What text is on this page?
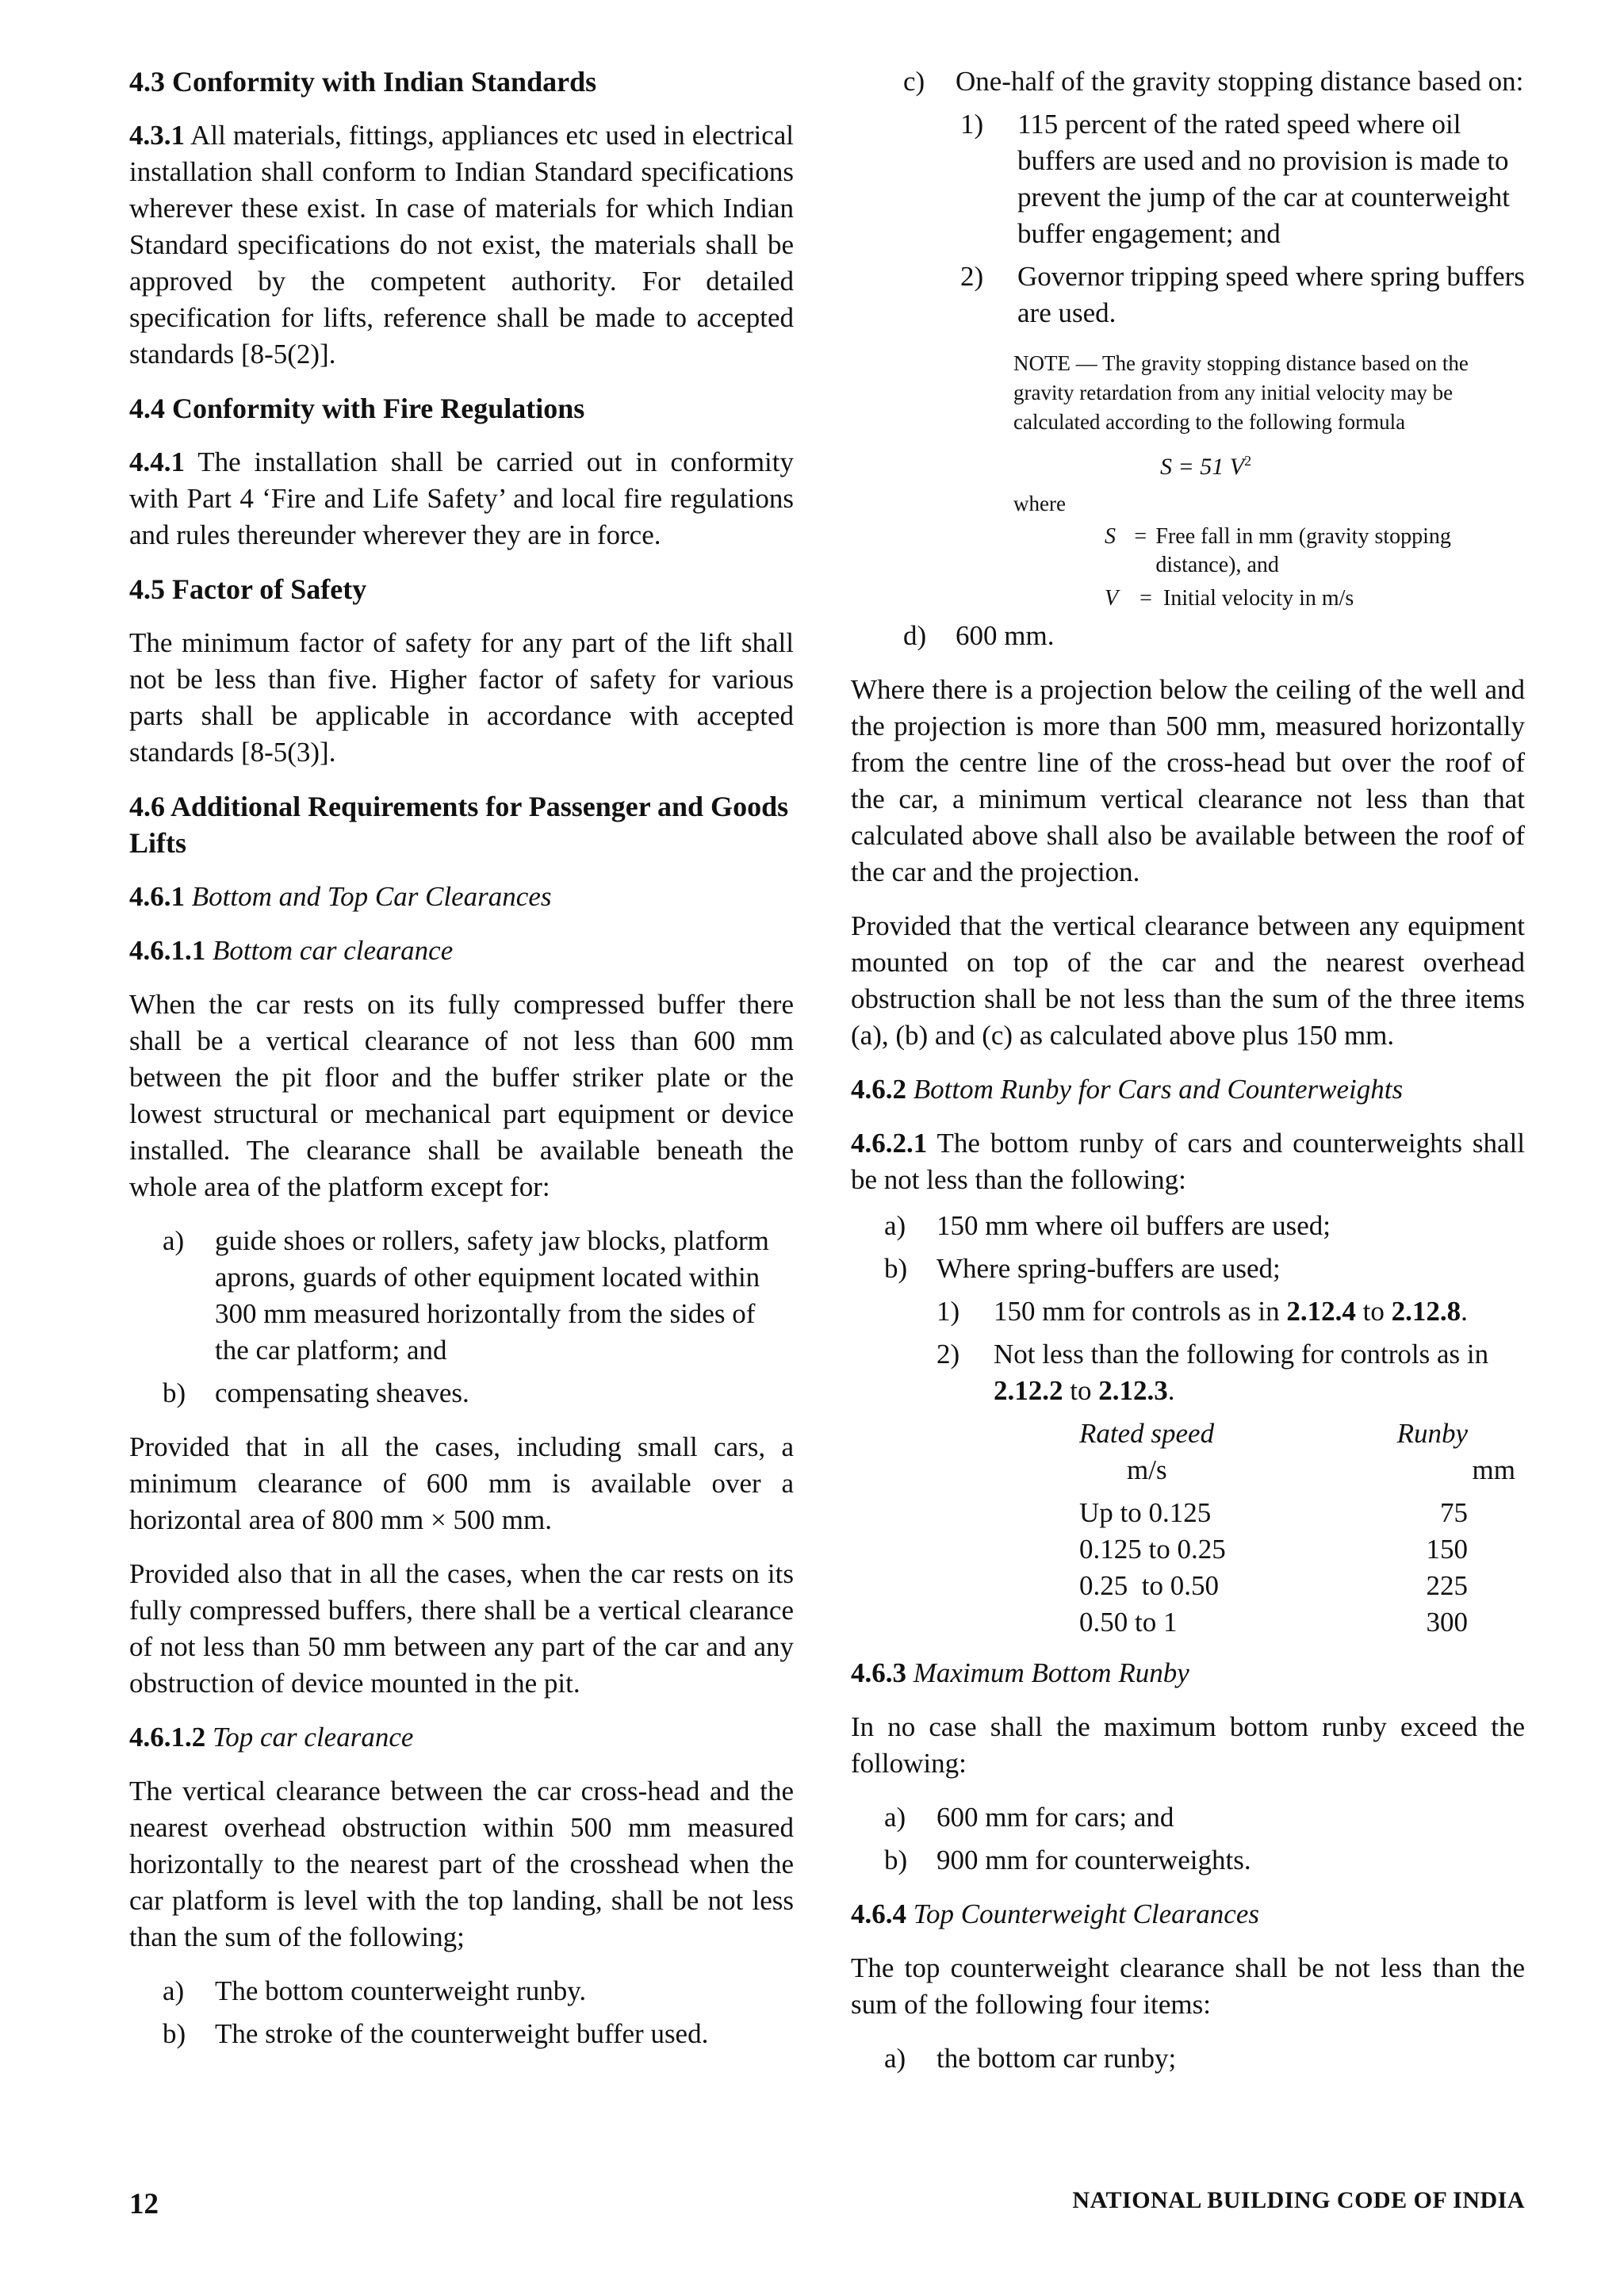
4.3 Conformity with Indian Standards
4.3.1 All materials, fittings, appliances etc used in electrical installation shall conform to Indian Standard specifications wherever these exist. In case of materials for which Indian Standard specifications do not exist, the materials shall be approved by the competent authority. For detailed specification for lifts, reference shall be made to accepted standards [8-5(2)].
4.4 Conformity with Fire Regulations
4.4.1 The installation shall be carried out in conformity with Part 4 ‘Fire and Life Safety’ and local fire regulations and rules thereunder wherever they are in force.
4.5 Factor of Safety
The minimum factor of safety for any part of the lift shall not be less than five. Higher factor of safety for various parts shall be applicable in accordance with accepted standards [8-5(3)].
4.6 Additional Requirements for Passenger and Goods Lifts
4.6.1 Bottom and Top Car Clearances
4.6.1.1 Bottom car clearance
When the car rests on its fully compressed buffer there shall be a vertical clearance of not less than 600 mm between the pit floor and the buffer striker plate or the lowest structural or mechanical part equipment or device installed. The clearance shall be available beneath the whole area of the platform except for:
a)	guide shoes or rollers, safety jaw blocks, platform aprons, guards of other equipment located within 300 mm measured horizontally from the sides of the car platform; and
b)	compensating sheaves.
Provided that in all the cases, including small cars, a minimum clearance of 600 mm is available over a horizontal area of 800 mm × 500 mm.
Provided also that in all the cases, when the car rests on its fully compressed buffers, there shall be a vertical clearance of not less than 50 mm between any part of the car and any obstruction of device mounted in the pit.
4.6.1.2 Top car clearance
The vertical clearance between the car cross-head and the nearest overhead obstruction within 500 mm measured horizontally to the nearest part of the crosshead when the car platform is level with the top landing, shall be not less than the sum of the following;
a)	The bottom counterweight runby.
b)	The stroke of the counterweight buffer used.
c)	One-half of the gravity stopping distance based on:
1)	115 percent of the rated speed where oil buffers are used and no provision is made to prevent the jump of the car at counterweight buffer engagement; and
2)	Governor tripping speed where spring buffers are used.
NOTE — The gravity stopping distance based on the gravity retardation from any initial velocity may be calculated according to the following formula
S = 51 $V^2$
where
S = Free fall in mm (gravity stopping distance), and
V = Initial velocity in m/s
d)	600 mm.
Where there is a projection below the ceiling of the well and the projection is more than 500 mm, measured horizontally from the centre line of the cross-head but over the roof of the car, a minimum vertical clearance not less than that calculated above shall also be available between the roof of the car and the projection.
Provided that the vertical clearance between any equipment mounted on top of the car and the nearest overhead obstruction shall be not less than the sum of the three items (a), (b) and (c) as calculated above plus 150 mm.
4.6.2 Bottom Runby for Cars and Counterweights
4.6.2.1 The bottom runby of cars and counterweights shall be not less than the following:
a)	150 mm where oil buffers are used;
b)	Where spring-buffers are used;
1)	150 mm for controls as in 2.12.4 to 2.12.8.
2)	Not less than the following for controls as in 2.12.2 to 2.12.3.
Rated speed	Runby
m/s	mm
Up to 0.125	75
0.125 to 0.25	150
0.25  to 0.50	225
0.50 to 1	300
4.6.3 Maximum Bottom Runby
In no case shall the maximum bottom runby exceed the following:
a)	600 mm for cars; and
b)	900 mm for counterweights.
4.6.4 Top Counterweight Clearances
The top counterweight clearance shall be not less than the sum of the following four items:
a)	the bottom car runby;
12	NATIONAL BUILDING CODE OF INDIA
